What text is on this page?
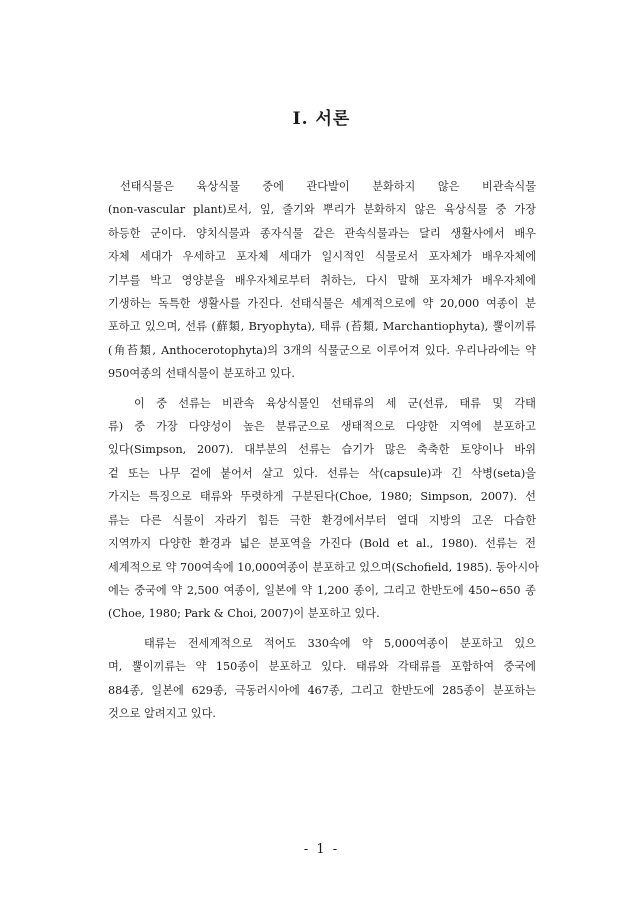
Ⅰ. 서론
선태식물은 육상식물 중에 관다발이 분화하지 않은 비관속식물
(non-vascular plant)로서, 잎, 줄기와 뿌리가 분화하지 않은 육상식물 중 가장
하등한 군이다. 양치식물과 종자식물 같은 관속식물과는 달리 생활사에서 배우
자체 세대가 우세하고 포자체 세대가 일시적인 식물로서 포자체가 배우자체에
기부를 박고 영양분을 배우자체로부터 취하는, 다시 말해 포자체가 배우자체에
기생하는 독특한 생활사를 가진다. 선태식물은 세계적으로에 약 20,000 여종이 분
포하고 있으며, 선류 (蘚類, Bryophyta), 태류 (苔類, Marchantiophyta), 뿔이끼류
(角苔類, Anthocerotophyta)의 3개의 식물군으로 이루어져 있다. 우리나라에는 약
950여종의 선태식물이 분포하고 있다.
이 중 선류는 비관속 육상식물인 선태류의 세 군(선류, 태류 및 각태
류) 중 가장 다양성이 높은 분류군으로 생태적으로 다양한 지역에 분포하고
있다(Simpson, 2007). 대부분의 선류는 습기가 많은 축축한 토양이나 바위
겉 또는 나무 겉에 붙어서 살고 있다. 선류는 삭(capsule)과 긴 삭병(seta)을
가지는 특징으로 태류와 뚜렷하게 구분된다(Choe, 1980; Simpson, 2007). 선
류는 다른 식물이 자라기 힘든 극한 환경에서부터 열대 지방의 고온 다습한
지역까지 다양한 환경과 넓은 분포역을 가진다 (Bold et al., 1980). 선류는 전
세계적으로 약 700여속에 10,000여종이 분포하고 있으며(Schofield, 1985). 동아시아
에는 중국에 약 2,500 여종이, 일본에 약 1,200 종이, 그리고 한반도에 450∼650 종
(Choe, 1980; Park & Choi, 2007)이 분포하고 있다.
태류는 전세계적으로 적어도 330속에 약 5,000여종이 분포하고 있으
며, 뿔이끼류는 약 150종이 분포하고 있다. 태류와 각태류를 포함하여 중국에
884종, 일본에 629종, 극동러시아에 467종, 그리고 한반도에 285종이 분포하는
것으로 알려지고 있다.
- 1 -
